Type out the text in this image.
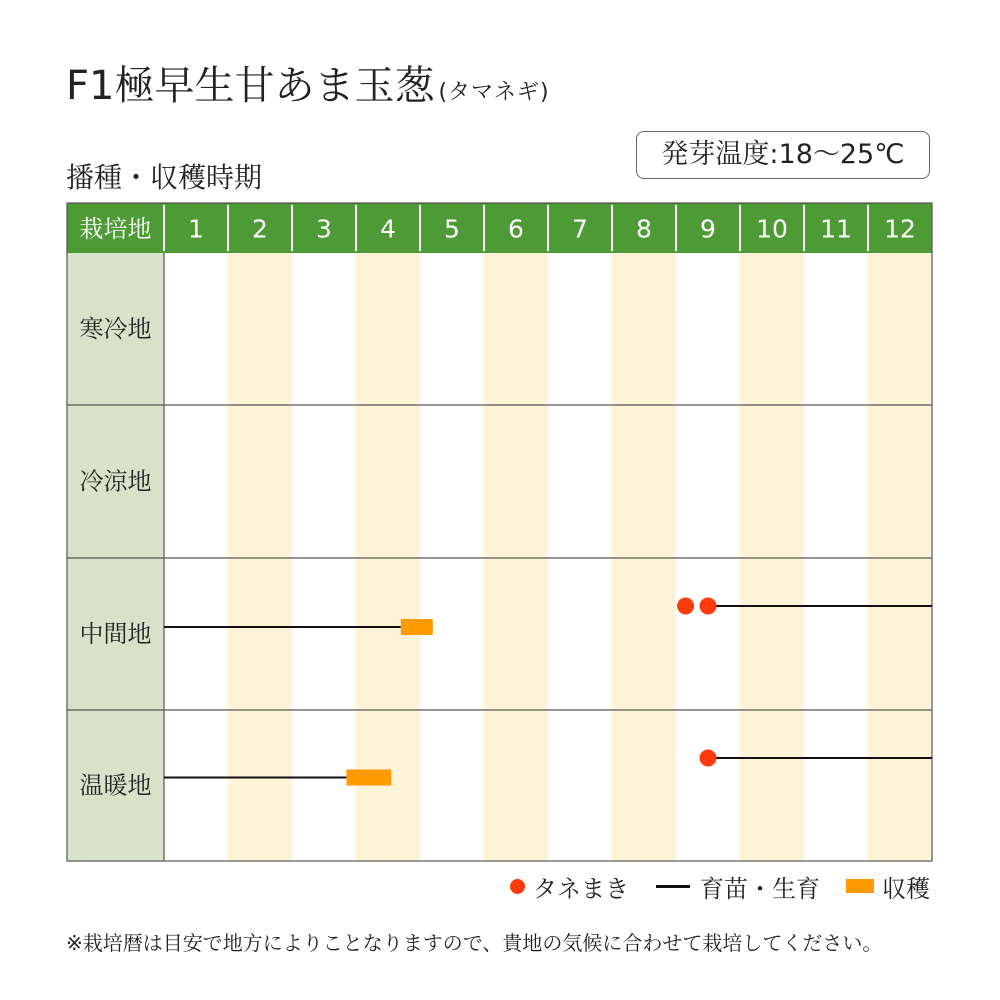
F1極早生甘あま玉葱 (タマネギ)
播種・収穫時期
発芽温度:18〜25℃
栽培地 1 2 3 4 5 6 7 8 9 10 11 12
寒冷地
冷涼地
中間地
温暖地
タネまき	育苗・生育	収穫
※栽培暦は目安で地方によりことなりますので、貴地の気候に合わせて栽培してください。
